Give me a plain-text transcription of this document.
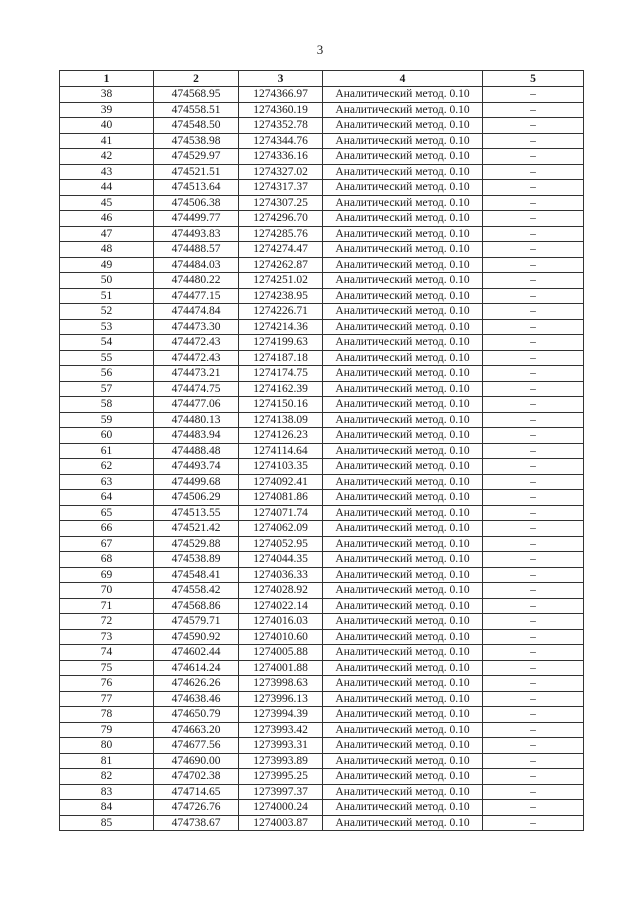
3
1	2	3	4	5
38	474568.95	1274366.97	Аналитический метод. 0.10	–
39	474558.51	1274360.19	Аналитический метод. 0.10	–
40	474548.50	1274352.78	Аналитический метод. 0.10	–
41	474538.98	1274344.76	Аналитический метод. 0.10	–
42	474529.97	1274336.16	Аналитический метод. 0.10	–
43	474521.51	1274327.02	Аналитический метод. 0.10	–
44	474513.64	1274317.37	Аналитический метод. 0.10	–
45	474506.38	1274307.25	Аналитический метод. 0.10	–
46	474499.77	1274296.70	Аналитический метод. 0.10	–
47	474493.83	1274285.76	Аналитический метод. 0.10	–
48	474488.57	1274274.47	Аналитический метод. 0.10	–
49	474484.03	1274262.87	Аналитический метод. 0.10	–
50	474480.22	1274251.02	Аналитический метод. 0.10	–
51	474477.15	1274238.95	Аналитический метод. 0.10	–
52	474474.84	1274226.71	Аналитический метод. 0.10	–
53	474473.30	1274214.36	Аналитический метод. 0.10	–
54	474472.43	1274199.63	Аналитический метод. 0.10	–
55	474472.43	1274187.18	Аналитический метод. 0.10	–
56	474473.21	1274174.75	Аналитический метод. 0.10	–
57	474474.75	1274162.39	Аналитический метод. 0.10	–
58	474477.06	1274150.16	Аналитический метод. 0.10	–
59	474480.13	1274138.09	Аналитический метод. 0.10	–
60	474483.94	1274126.23	Аналитический метод. 0.10	–
61	474488.48	1274114.64	Аналитический метод. 0.10	–
62	474493.74	1274103.35	Аналитический метод. 0.10	–
63	474499.68	1274092.41	Аналитический метод. 0.10	–
64	474506.29	1274081.86	Аналитический метод. 0.10	–
65	474513.55	1274071.74	Аналитический метод. 0.10	–
66	474521.42	1274062.09	Аналитический метод. 0.10	–
67	474529.88	1274052.95	Аналитический метод. 0.10	–
68	474538.89	1274044.35	Аналитический метод. 0.10	–
69	474548.41	1274036.33	Аналитический метод. 0.10	–
70	474558.42	1274028.92	Аналитический метод. 0.10	–
71	474568.86	1274022.14	Аналитический метод. 0.10	–
72	474579.71	1274016.03	Аналитический метод. 0.10	–
73	474590.92	1274010.60	Аналитический метод. 0.10	–
74	474602.44	1274005.88	Аналитический метод. 0.10	–
75	474614.24	1274001.88	Аналитический метод. 0.10	–
76	474626.26	1273998.63	Аналитический метод. 0.10	–
77	474638.46	1273996.13	Аналитический метод. 0.10	–
78	474650.79	1273994.39	Аналитический метод. 0.10	–
79	474663.20	1273993.42	Аналитический метод. 0.10	–
80	474677.56	1273993.31	Аналитический метод. 0.10	–
81	474690.00	1273993.89	Аналитический метод. 0.10	–
82	474702.38	1273995.25	Аналитический метод. 0.10	–
83	474714.65	1273997.37	Аналитический метод. 0.10	–
84	474726.76	1274000.24	Аналитический метод. 0.10	–
85	474738.67	1274003.87	Аналитический метод. 0.10	–
